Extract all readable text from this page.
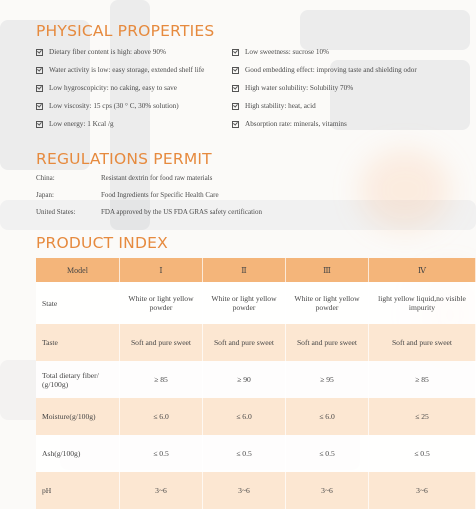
PHYSICAL PROPERTIES
Dietary fiber content is high: above 90%	Low sweetness: sucrose 10%
Water activity is low: easy storage, extended shelf life	Good embedding effect: improving taste and shielding odor
Low hygroscopicity: no caking, easy to save	High water solubility: Solubility 70%
Low viscosity: 15 cps (30 ° C, 30% solution)	High stability: heat, acid
Low energy: 1 Kcal /g	Absorption rate: minerals, vitamins
REGULATIONS PERMIT
China:	Resistant dextrin for food raw materials
Japan:	Food Ingredients for Specific Health Care
United States:	FDA approved by the US FDA GRAS safety certification
PRODUCT INDEX
Model	Ⅰ	Ⅱ	Ⅲ	Ⅳ
State	White or light yellow powder	White or light yellow powder	White or light yellow powder	light yellow liquid,no visible impurity
Taste	Soft and pure sweet	Soft and pure sweet	Soft and pure sweet	Soft and pure sweet
Total dietary fiber/ (g/100g)	≥ 85	≥ 90	≥ 95	≥ 85
Moisture(g/100g)	≤ 6.0	≤ 6.0	≤ 6.0	≤ 25
Ash(g/100g)	≤ 0.5	≤ 0.5	≤ 0.5	≤ 0.5
pH	3~6	3~6	3~6	3~6
